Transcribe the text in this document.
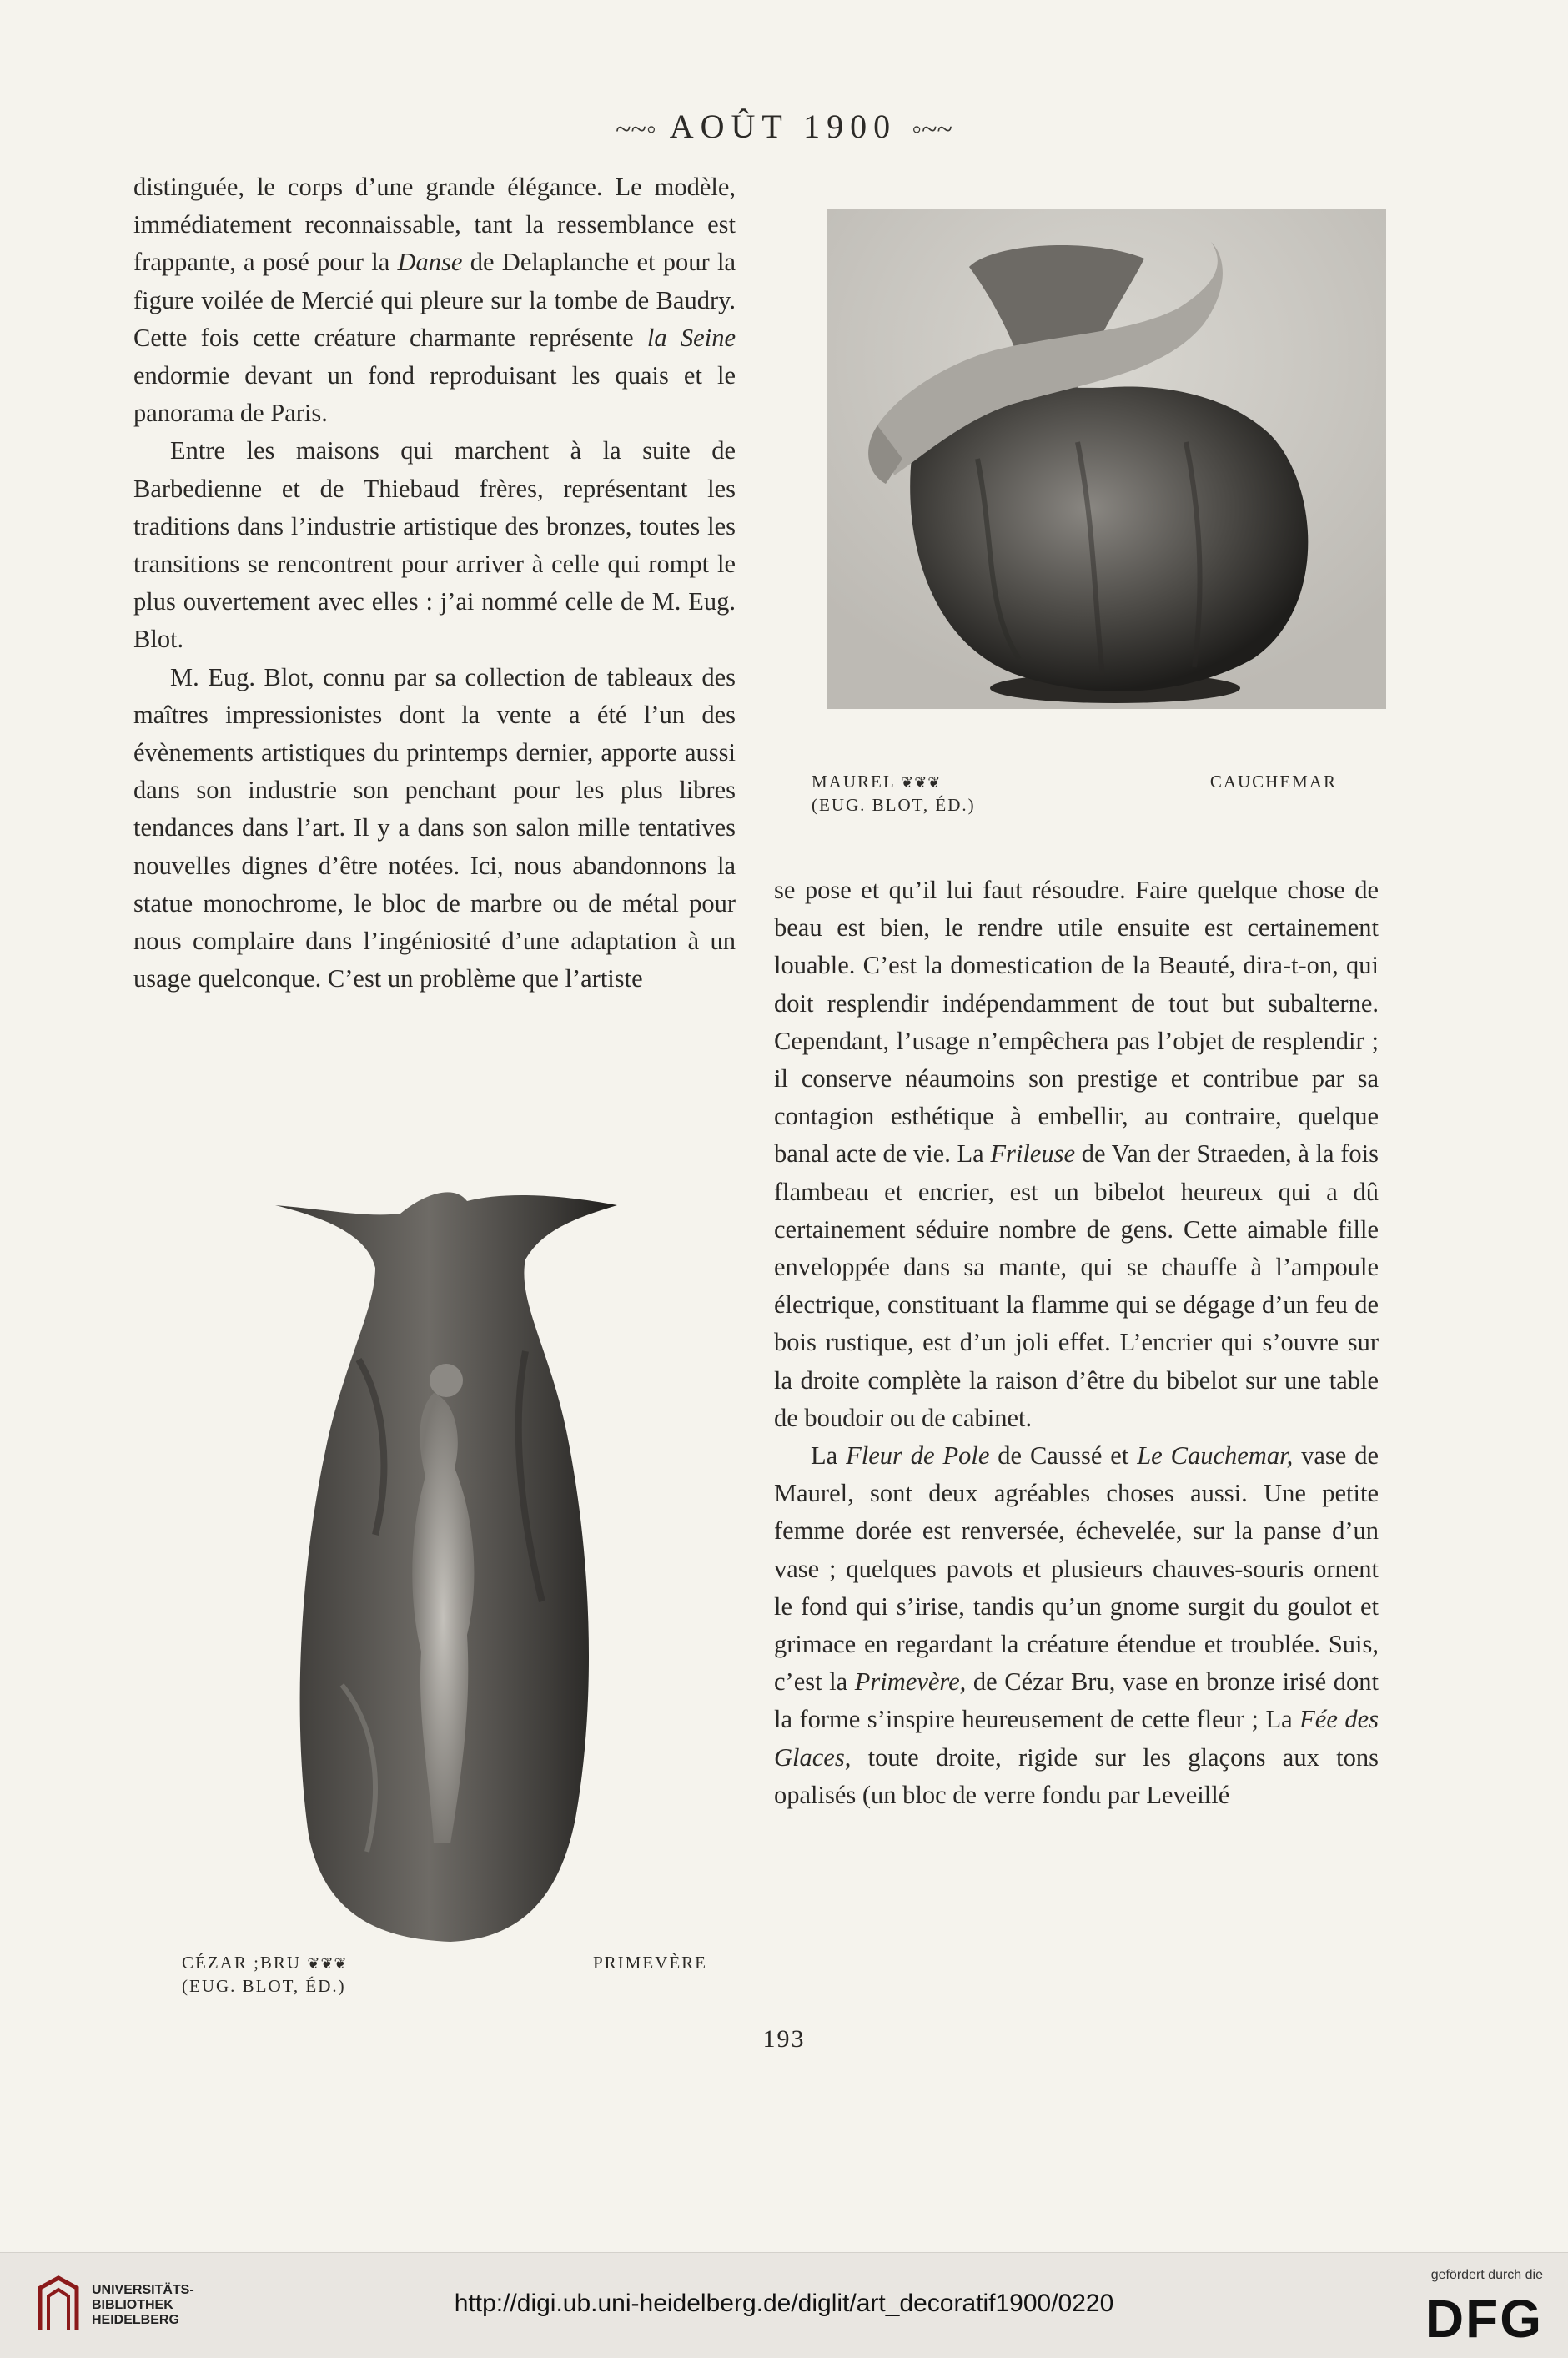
~~◦ AOÛT 1900 ◦~~

distinguée, le corps d’une grande élégance. Le modèle, immédiatement reconnaissable, tant la ressemblance est frappante, a posé pour la Danse de Delaplanche et pour la figure voilée de Mercié qui pleure sur la tombe de Baudry. Cette fois cette créature charmante représente la Seine endormie devant un fond reproduisant les quais et le panorama de Paris.

Entre les maisons qui marchent à la suite de Barbedienne et de Thiebaud frères, représentant les traditions dans l’industrie artistique des bronzes, toutes les transitions se rencontrent pour arriver à celle qui rompt le plus ouvertement avec elles : j’ai nommé celle de M. Eug. Blot.

M. Eug. Blot, connu par sa collection de tableaux des maîtres impressionistes dont la vente a été l’un des évènements artistiques du printemps dernier, apporte aussi dans son industrie son penchant pour les plus libres tendances dans l’art. Il y a dans son salon mille tentatives nouvelles dignes d’être notées. Ici, nous abandonnons la statue monochrome, le bloc de marbre ou de métal pour nous complaire dans l’ingéniosité d’une adaptation à un usage quelconque. C’est un problème que l’artiste

MAUREL ❦❦❦	CAUCHEMAR
(EUG. BLOT, ÉD.)

se pose et qu’il lui faut résoudre. Faire quelque chose de beau est bien, le rendre utile ensuite est certainement louable. C’est la domestication de la Beauté, dira-t-on, qui doit resplendir indépendamment de tout but subalterne. Cependant, l’usage n’empêchera pas l’objet de resplendir ; il conserve néaumoins son prestige et contribue par sa contagion esthétique à embellir, au contraire, quelque banal acte de vie. La Frileuse de Van der Straeden, à la fois flambeau et encrier, est un bibelot heureux qui a dû certainement séduire nombre de gens. Cette aimable fille enveloppée dans sa mante, qui se chauffe à l’ampoule électrique, constituant la flamme qui se dégage d’un feu de bois rustique, est d’un joli effet. L’encrier qui s’ouvre sur la droite complète la raison d’être du bibelot sur une table de boudoir ou de cabinet.

La Fleur de Pole de Caussé et Le Cauchemar, vase de Maurel, sont deux agréables choses aussi. Une petite femme dorée est renversée, échevelée, sur la panse d’un vase ; quelques pavots et plusieurs chauves-souris ornent le fond qui s’irise, tandis qu’un gnome surgit du goulot et grimace en regardant la créature étendue et troublée. Suis, c’est la Primevère, de Cézar Bru, vase en bronze irisé dont la forme s’inspire heureusement de cette fleur ; La Fée des Glaces, toute droite, rigide sur les glaçons aux tons opalisés (un bloc de verre fondu par Leveillé

CÉZAR ;BRU ❦❦❦	PRIMEVÈRE
(EUG. BLOT, ÉD.)
193
UNIVERSITÄTS-
BIBLIOTHEK
HEIDELBERG
http://digi.ub.uni-heidelberg.de/diglit/art_decoratif1900/0220
gefördert durch die
DFG
